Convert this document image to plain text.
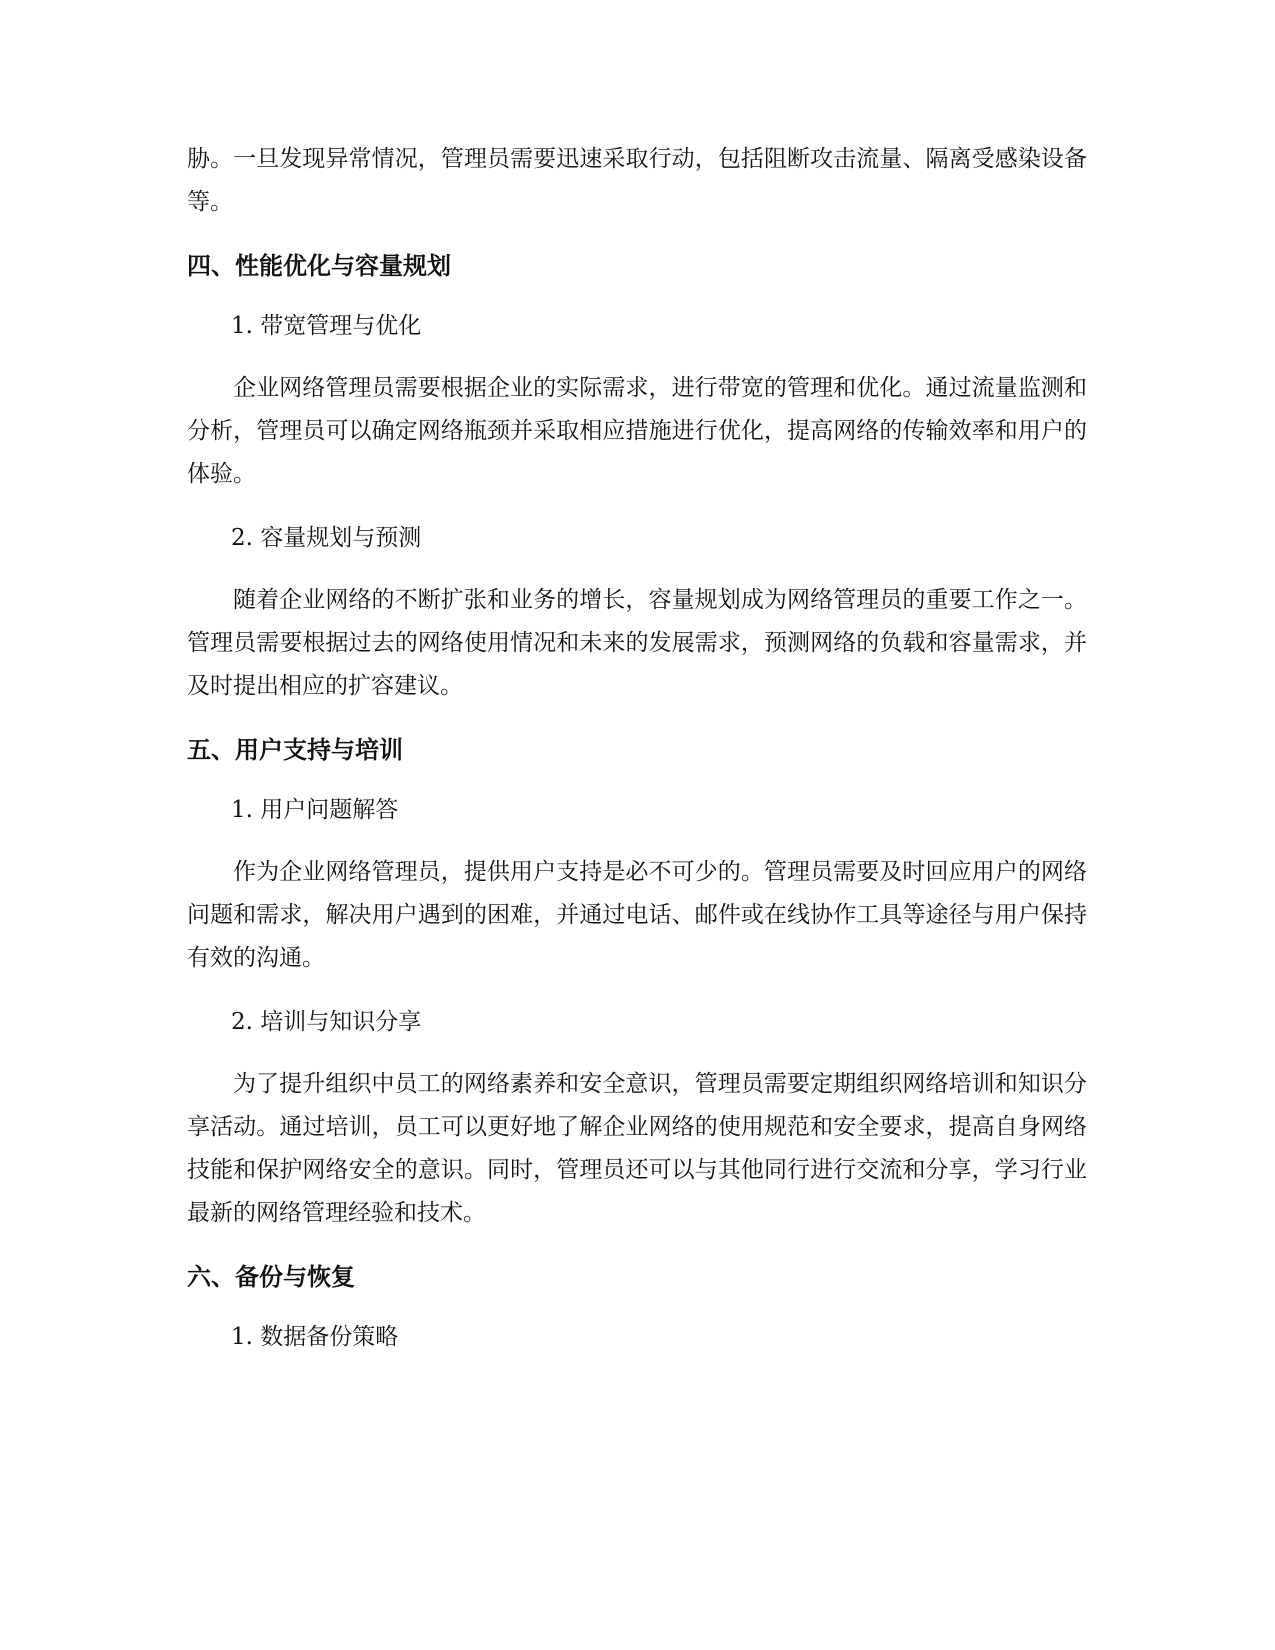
胁。一旦发现异常情况，管理员需要迅速采取行动，包括阻断攻击流量、隔离受感染设备等。

四、性能优化与容量规划

1. 带宽管理与优化

企业网络管理员需要根据企业的实际需求，进行带宽的管理和优化。通过流量监测和分析，管理员可以确定网络瓶颈并采取相应措施进行优化，提高网络的传输效率和用户的体验。

2. 容量规划与预测

随着企业网络的不断扩张和业务的增长，容量规划成为网络管理员的重要工作之一。管理员需要根据过去的网络使用情况和未来的发展需求，预测网络的负载和容量需求，并及时提出相应的扩容建议。

五、用户支持与培训

1. 用户问题解答

作为企业网络管理员，提供用户支持是必不可少的。管理员需要及时回应用户的网络问题和需求，解决用户遇到的困难，并通过电话、邮件或在线协作工具等途径与用户保持有效的沟通。

2. 培训与知识分享

为了提升组织中员工的网络素养和安全意识，管理员需要定期组织网络培训和知识分享活动。通过培训，员工可以更好地了解企业网络的使用规范和安全要求，提高自身网络技能和保护网络安全的意识。同时，管理员还可以与其他同行进行交流和分享，学习行业最新的网络管理经验和技术。

六、备份与恢复

1. 数据备份策略
